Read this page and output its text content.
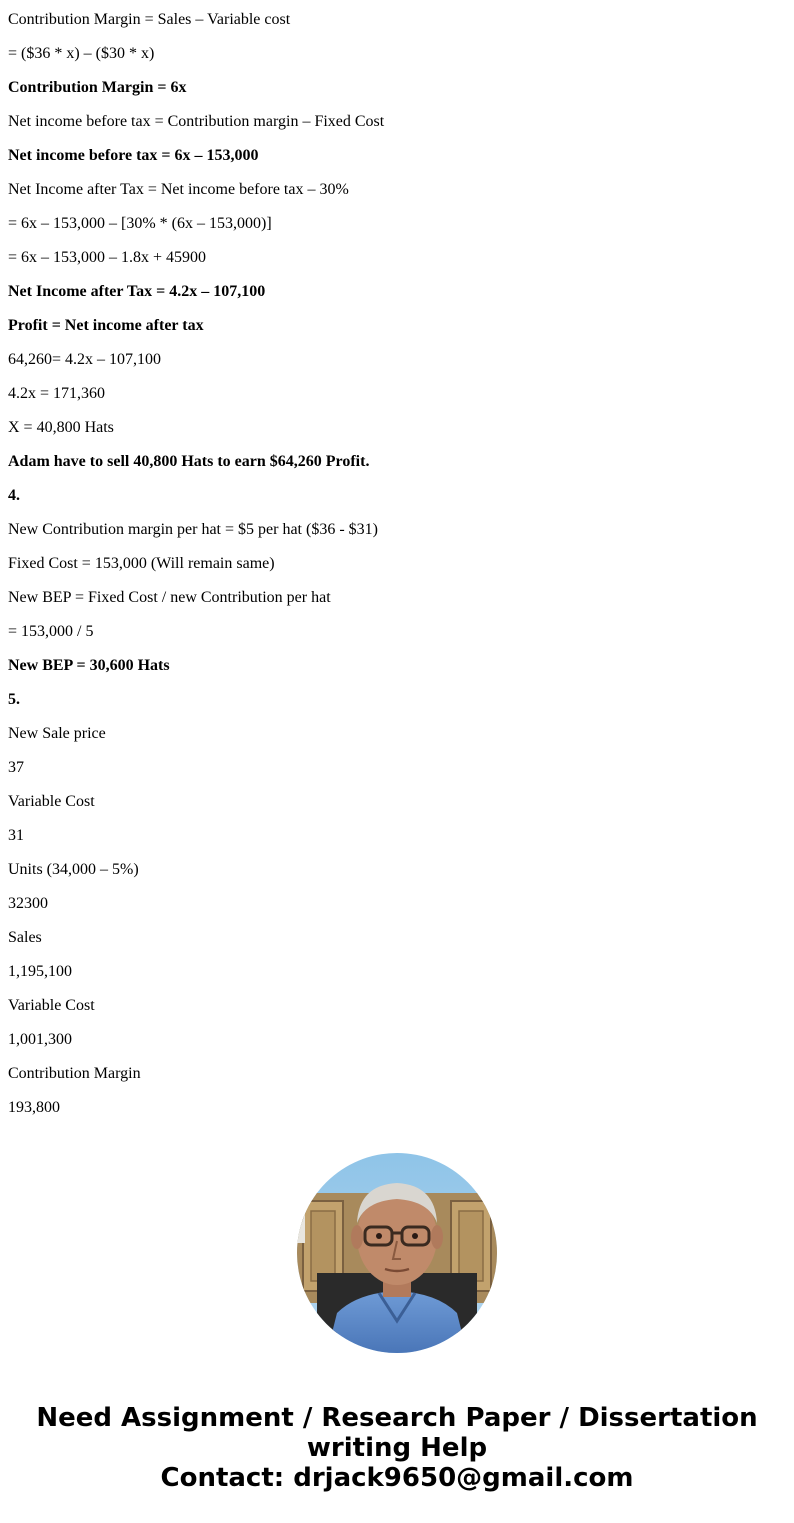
Contribution Margin = Sales – Variable cost

= ($36 * x) – ($30 * x)

Contribution Margin = 6x

Net income before tax = Contribution margin – Fixed Cost

Net income before tax = 6x – 153,000

Net Income after Tax = Net income before tax – 30%

= 6x – 153,000 – [30% * (6x – 153,000)]

= 6x – 153,000 – 1.8x + 45900

Net Income after Tax = 4.2x – 107,100

Profit = Net income after tax

64,260= 4.2x – 107,100

4.2x = 171,360

X = 40,800 Hats

Adam have to sell 40,800 Hats to earn $64,260 Profit.

4.

New Contribution margin per hat = $5 per hat ($36 - $31)

Fixed Cost = 153,000 (Will remain same)

New BEP = Fixed Cost / new Contribution per hat

= 153,000 / 5

New BEP = 30,600 Hats

5.

New Sale price

37

Variable Cost

31

Units (34,000 – 5%)

32300

Sales

1,195,100

Variable Cost

1,001,300

Contribution Margin

193,800

Need Assignment / Research Paper / Dissertation
writing Help
Contact: drjack9650@gmail.com
